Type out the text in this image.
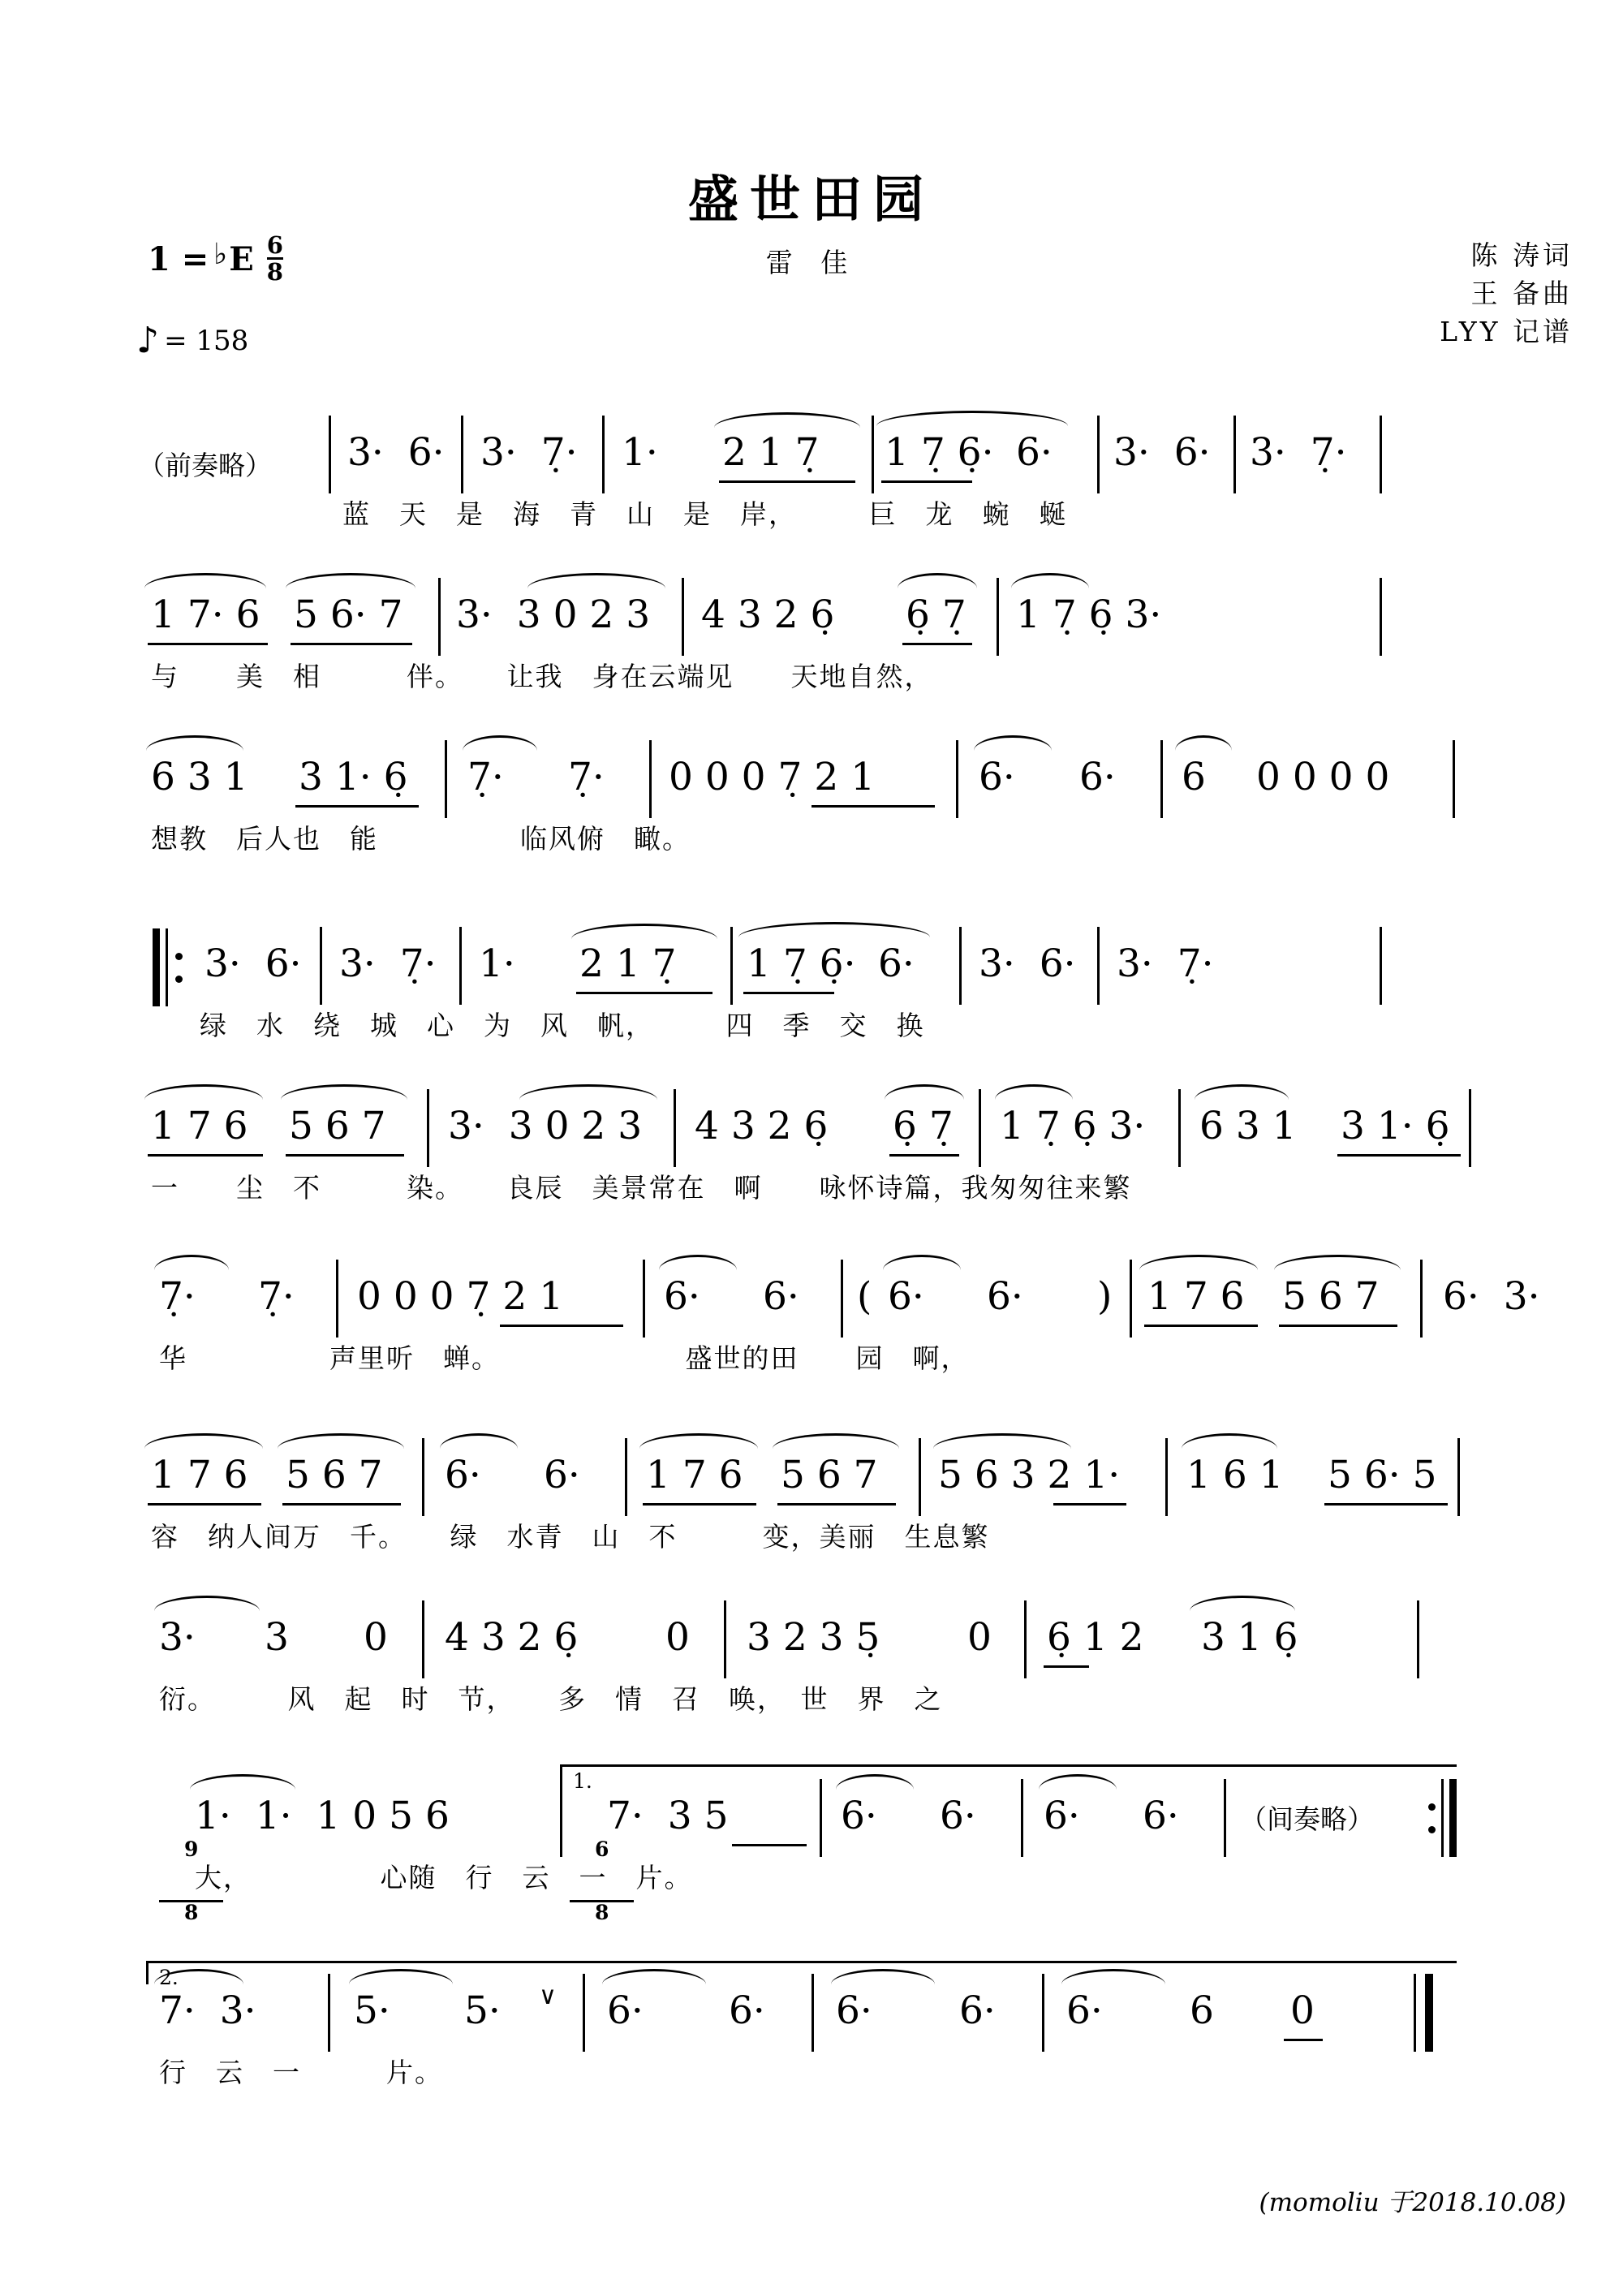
盛世田园
雷 佳
1 = ♭ E $\frac{6}{8}$
♪ = 158
陈 涛词
王 备曲
LYY 记谱
（前奏略）

3·  6·

3·  7̣·

1·

2 1 7̣

1 7̣ 6̣·

6·

3·  6·

3·  7̣·

蓝　天　是　海　青　山　是　岸，　　　巨　龙　蜿　蜒

1 7· 6

5 6· 7

3·  3 0 2 3

4 3 2 6̣

6̣ 7̣

1 7̣ 6̣ 3·

与　　美　相　　　伴。　　让我　身在云端见　　天地自然，

6 3 1

3 1· 6̣

7̣·

7̣·

0 0 0 7̣ 2 1

	6·

6·

6

0 0 0 0

想教　后人也　能　　　　　临风俯　瞰。

3·  6·

3·  7̣·

1·

2 1 7̣

1 7̣ 6̣·

6·

3·  6·

3·  7̣·

绿　水　绕　城　心　为　风　帆，　　　四　季　交　换

1 7 6

5 6 7

3·  3 0 2 3

4 3 2 6̣

6̣ 7̣

1 7̣ 6̣ 3·

6 3 1

3 1· 6̣

一　　尘　不　　　染。　　良辰　美景常在　啊　　咏怀诗篇，我匆匆往来繁

7̣·

7̣·

0 0 0 7̣ 2 1

	6·

6·

(

6·

6·

)

1 7 6

5 6 7

6·  3·

华　　　　　声里听　蝉。　　　　　　　盛世的田　　园　啊，

1 7 6

5 6 7

6·

6·

1 7 6

5 6 7

5 6 3 2 1·

1 6 1

5 6· 5

容　纳人间万　千。　　绿　水青　山　不　　　变，美丽　生息繁

3·

3

0

4 3 2 6̣

0

3 2 3 5̣

0

6̣ 1 2

3 1 6̣

衍。　　　风　起　时　节，　　多　情　召　唤，　世　界　之

1.

$\frac{9}{8}$

1·  1·  1 0 5 6

	$\frac{6}{8}$

7·  3 5

	6·

6·

6·

6·

（间奏略）

大，　　　　　心随　行　云　一　片。

2.

7·  3·

	5·

5·

∨

6·

6·

6·

6·

6·

6

0

行　云　一　　　片。

(momoliu 于2018.10.08)
